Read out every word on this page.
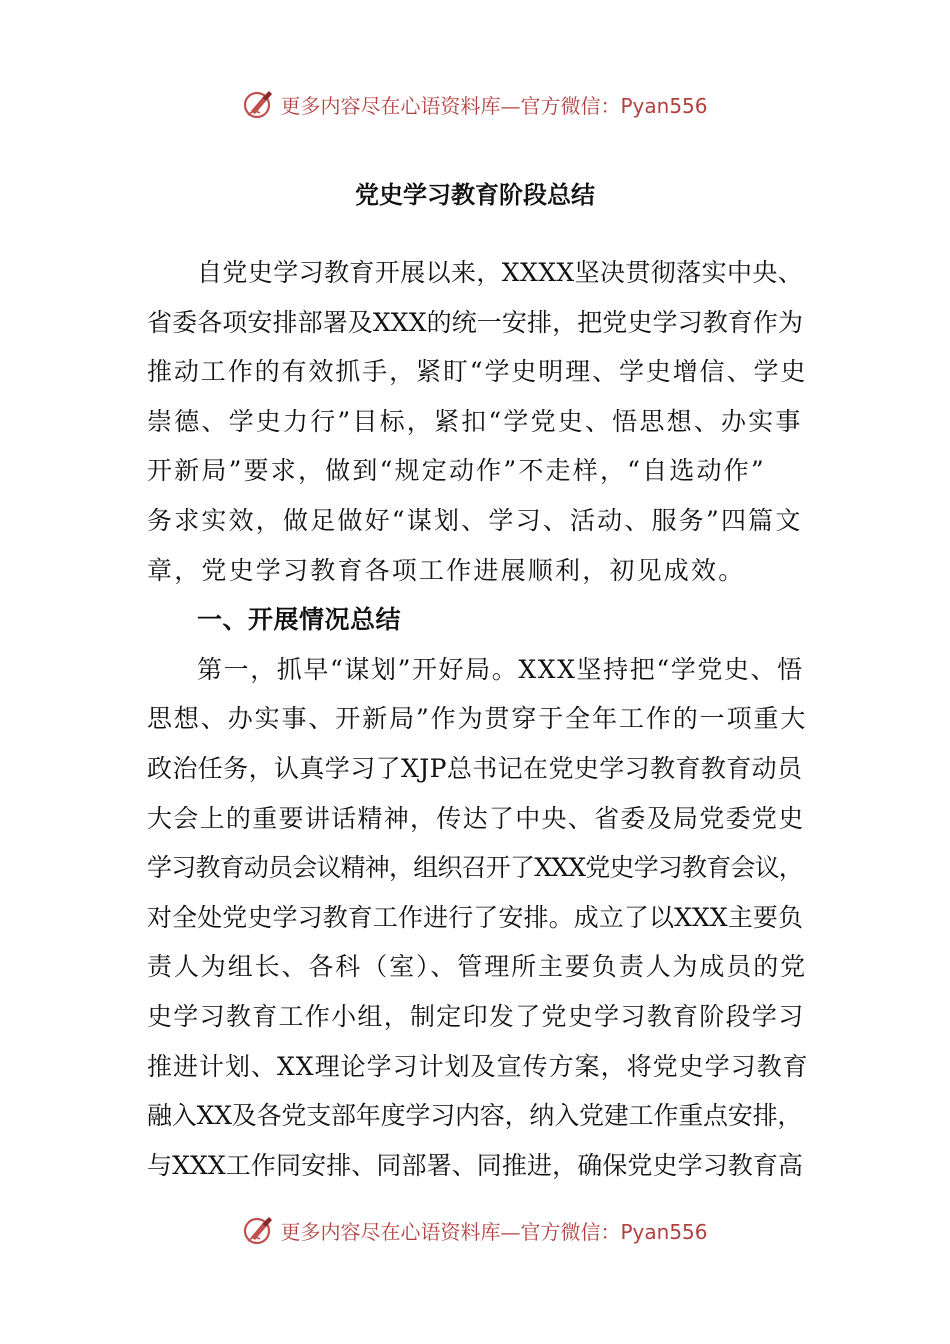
更多内容尽在心语资料库—官方微信：Pyan556
党史学习教育阶段总结
自党史学习教育开展以来，XXXX坚决贯彻落实中央、
省委各项安排部署及XXX的统一安排，把党史学习教育作为
推动工作的有效抓手，紧盯“学史明理、学史增信、学史
崇德、学史力行”目标，紧扣“学党史、悟思想、办实事
开新局”要求，做到“规定动作”不走样，“自选动作”
务求实效，做足做好“谋划、学习、活动、服务”四篇文
章，党史学习教育各项工作进展顺利，初见成效。
一、开展情况总结
第一，抓早“谋划”开好局。XXX坚持把“学党史、悟
思想、办实事、开新局”作为贯穿于全年工作的一项重大
政治任务，认真学习了XJP总书记在党史学习教育教育动员
大会上的重要讲话精神，传达了中央、省委及局党委党史
学习教育动员会议精神，组织召开了XXX党史学习教育会议，
对全处党史学习教育工作进行了安排。成立了以XXX主要负
责人为组长、各科（室）、管理所主要负责人为成员的党
史学习教育工作小组，制定印发了党史学习教育阶段学习
推进计划、XX理论学习计划及宣传方案，将党史学习教育
融入XX及各党支部年度学习内容，纳入党建工作重点安排，
与XXX工作同安排、同部署、同推进，确保党史学习教育高
更多内容尽在心语资料库—官方微信：Pyan556
